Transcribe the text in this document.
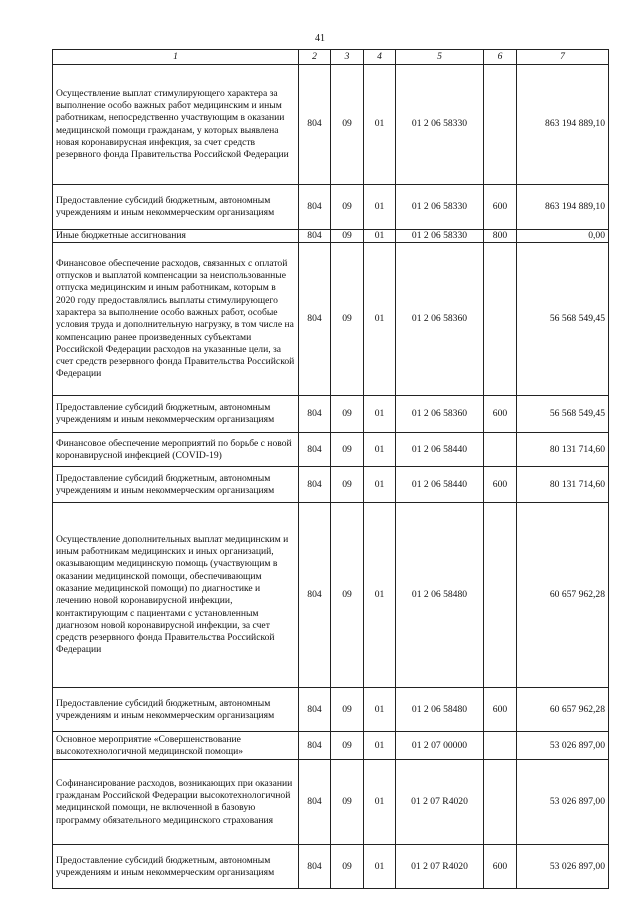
41
1	2	3	4	5	6	7
Осуществление выплат стимулирующего характера за выполнение особо важных работ медицинским и иным работникам, непосредственно участвующим в оказании медицинской помощи гражданам, у которых выявлена новая коронавирусная инфекция, за счет средств резервного фонда Правительства Российской Федерации	804	09	01	01 2 06 58330		863 194 889,10
Предоставление субсидий бюджетным, автономным учреждениям и иным некоммерческим организациям	804	09	01	01 2 06 58330	600	863 194 889,10
Иные бюджетные ассигнования	804	09	01	01 2 06 58330	800	0,00
Финансовое обеспечение расходов, связанных с оплатой отпусков и выплатой компенсации за неиспользованные отпуска медицинским и иным работникам, которым в 2020 году предоставлялись выплаты стимулирующего характера за выполнение особо важных работ, особые условия труда и дополнительную нагрузку, в том числе на компенсацию ранее произведенных субъектами Российской Федерации расходов на указанные цели, за счет средств резервного фонда Правительства Российской Федерации	804	09	01	01 2 06 58360		56 568 549,45
Предоставление субсидий бюджетным, автономным учреждениям и иным некоммерческим организациям	804	09	01	01 2 06 58360	600	56 568 549,45
Финансовое обеспечение мероприятий по борьбе с новой коронавирусной инфекцией (COVID-19)	804	09	01	01 2 06 58440		80 131 714,60
Предоставление субсидий бюджетным, автономным учреждениям и иным некоммерческим организациям	804	09	01	01 2 06 58440	600	80 131 714,60
Осуществление дополнительных выплат медицинским и иным работникам медицинских и иных организаций, оказывающим медицинскую помощь (участвующим в оказании медицинской помощи, обеспечивающим оказание медицинской помощи) по диагностике и лечению новой коронавирусной инфекции, контактирующим с пациентами с установленным диагнозом новой коронавирусной инфекции, за счет средств резервного фонда Правительства Российской Федерации	804	09	01	01 2 06 58480		60 657 962,28
Предоставление субсидий бюджетным, автономным учреждениям и иным некоммерческим организациям	804	09	01	01 2 06 58480	600	60 657 962,28
Основное мероприятие «Совершенствование высокотехнологичной медицинской помощи»	804	09	01	01 2 07 00000		53 026 897,00
Софинансирование расходов, возникающих при оказании гражданам Российской Федерации высокотехнологичной медицинской помощи, не включенной в базовую программу обязательного медицинского страхования	804	09	01	01 2 07 R4020		53 026 897,00
Предоставление субсидий бюджетным, автономным учреждениям и иным некоммерческим организациям	804	09	01	01 2 07 R4020	600	53 026 897,00
